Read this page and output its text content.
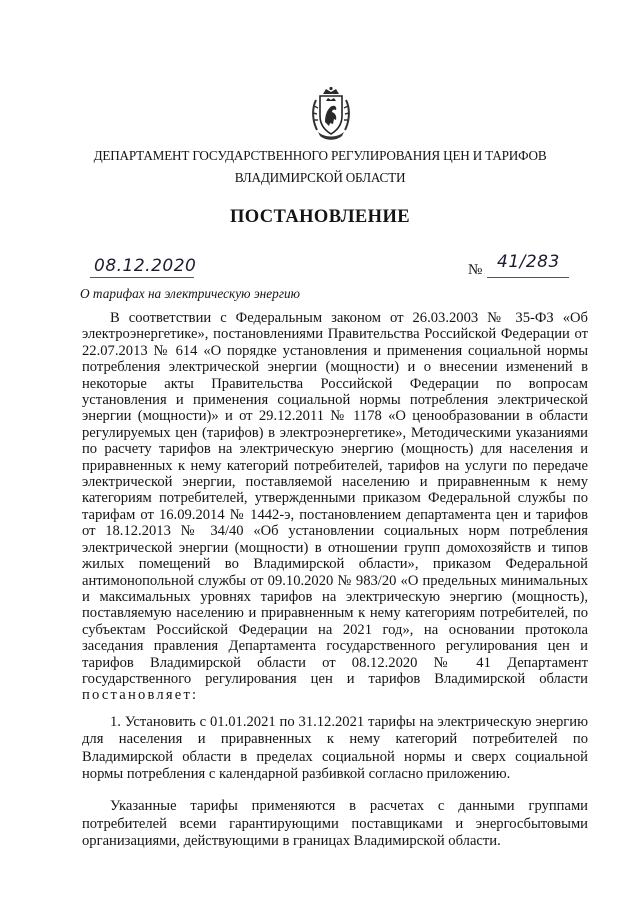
ДЕПАРТАМЕНТ ГОСУДАРСТВЕННОГО РЕГУЛИРОВАНИЯ ЦЕН И ТАРИФОВ
ВЛАДИМИРСКОЙ ОБЛАСТИ
ПОСТАНОВЛЕНИЕ
08.12.2020	№ 41/283
О тарифах на электрическую энергию

В соответствии с Федеральным законом от 26.03.2003 № 35-ФЗ «Об электроэнергетике», постановлениями Правительства Российской Федерации от 22.07.2013 № 614 «О порядке установления и применения социальной нормы потребления электрической энергии (мощности) и о внесении изменений в некоторые акты Правительства Российской Федерации по вопросам установления и применения социальной нормы потребления электрической энергии (мощности)» и от 29.12.2011 № 1178 «О ценообразовании в области регулируемых цен (тарифов) в электроэнергетике», Методическими указаниями по расчету тарифов на электрическую энергию (мощность) для населения и приравненных к нему категорий потребителей, тарифов на услуги по передаче электрической энергии, поставляемой населению и приравненным к нему категориям потребителей, утвержденными приказом Федеральной службы по тарифам от 16.09.2014 № 1442-э, постановлением департамента цен и тарифов от 18.12.2013 № 34/40 «Об установлении социальных норм потребления электрической энергии (мощности) в отношении групп домохозяйств и типов жилых помещений во Владимирской области», приказом Федеральной антимонопольной службы от 09.10.2020 № 983/20 «О предельных минимальных и максимальных уровнях тарифов на электрическую энергию (мощность), поставляемую населению и приравненным к нему категориям потребителей, по субъектам Российской Федерации на 2021 год», на основании протокола заседания правления Департамента государственного регулирования цен и тарифов Владимирской области от 08.12.2020 № 41 Департамент государственного регулирования цен и тарифов Владимирской области постановляет:

1. Установить с 01.01.2021 по 31.12.2021 тарифы на электрическую энергию для населения и приравненных к нему категорий потребителей по Владимирской области в пределах социальной нормы и сверх социальной нормы потребления с календарной разбивкой согласно приложению.

Указанные тарифы применяются в расчетах с данными группами потребителей всеми гарантирующими поставщиками и энергосбытовыми организациями, действующими в границах Владимирской области.
